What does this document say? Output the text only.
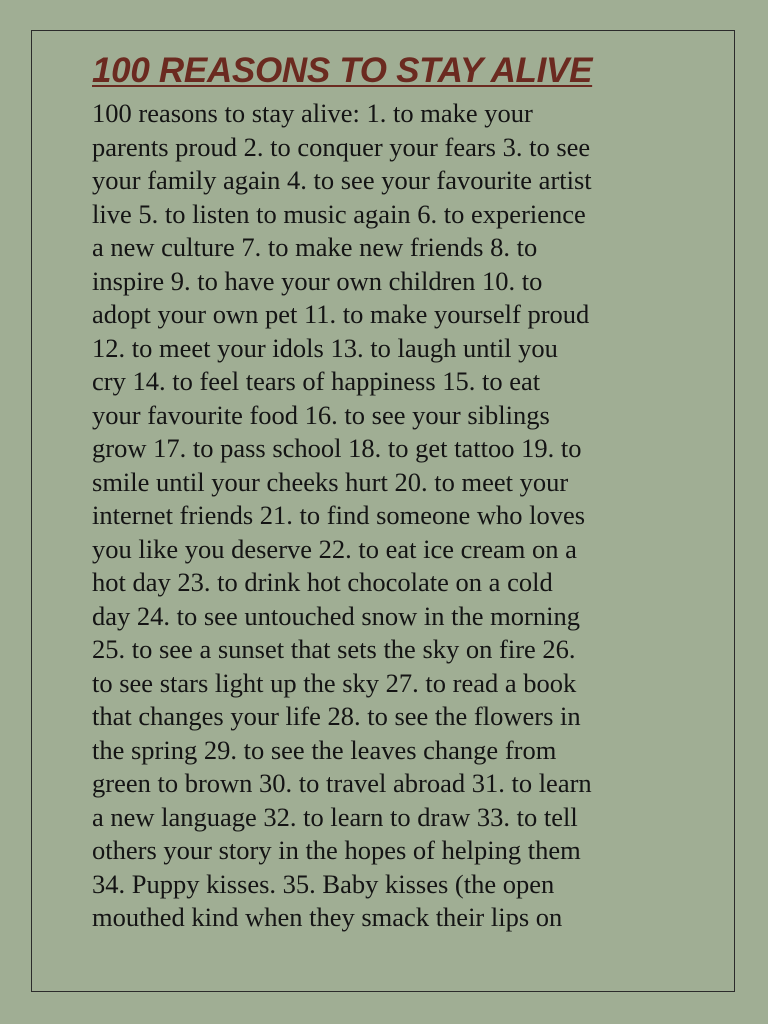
100 REASONS TO STAY ALIVE
100 reasons to stay alive: 1. to make your
parents proud 2. to conquer your fears 3. to see
your family again 4. to see your favourite artist
live 5. to listen to music again 6. to experience
a new culture 7. to make new friends 8. to
inspire 9. to have your own children 10. to
adopt your own pet 11. to make yourself proud
12. to meet your idols 13. to laugh until you
cry 14. to feel tears of happiness 15. to eat
your favourite food 16. to see your siblings
grow 17. to pass school 18. to get tattoo 19. to
smile until your cheeks hurt 20. to meet your
internet friends 21. to find someone who loves
you like you deserve 22. to eat ice cream on a
hot day 23. to drink hot chocolate on a cold
day 24. to see untouched snow in the morning
25. to see a sunset that sets the sky on fire 26.
to see stars light up the sky 27. to read a book
that changes your life 28. to see the flowers in
the spring 29. to see the leaves change from
green to brown 30. to travel abroad 31. to learn
a new language 32. to learn to draw 33. to tell
others your story in the hopes of helping them
34. Puppy kisses. 35. Baby kisses (the open
mouthed kind when they smack their lips on
